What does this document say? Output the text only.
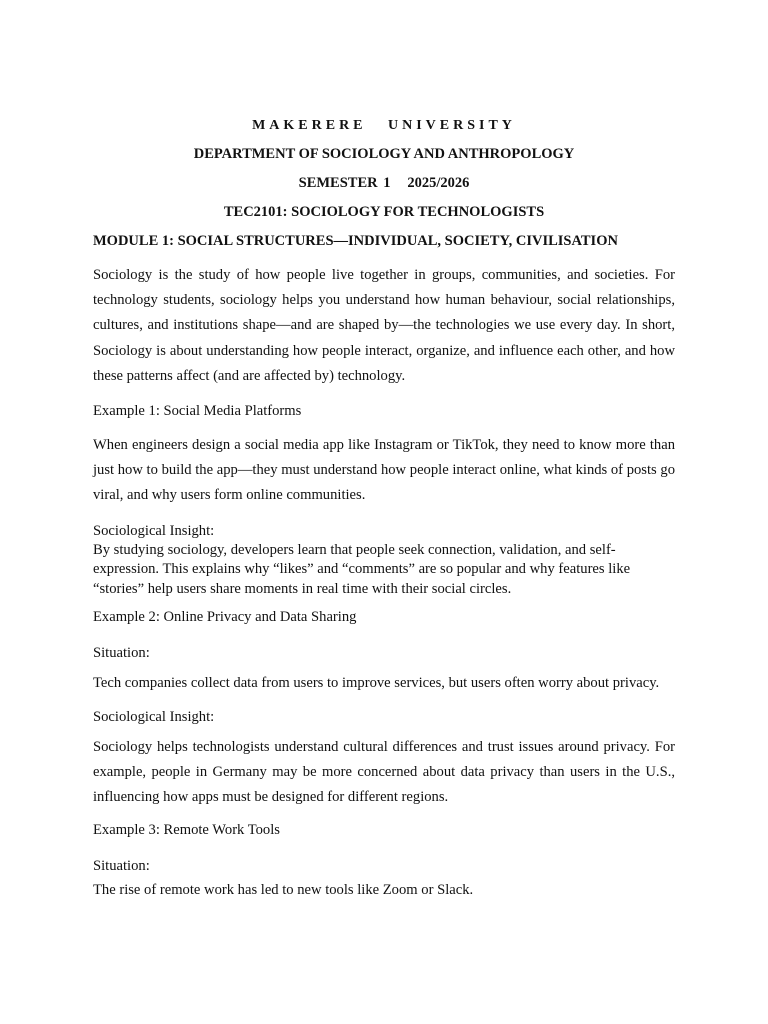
MAKERERE UNIVERSITY
DEPARTMENT OF SOCIOLOGY AND ANTHROPOLOGY
SEMESTER 1   2025/2026
TEC2101: SOCIOLOGY FOR TECHNOLOGISTS
MODULE 1: SOCIAL STRUCTURES—INDIVIDUAL, SOCIETY, CIVILISATION

Sociology is the study of how people live together in groups, communities, and societies. For technology students, sociology helps you understand how human behaviour, social relationships, cultures, and institutions shape—and are shaped by—the technologies we use every day. In short, Sociology is about understanding how people interact, organize, and influence each other, and how these patterns affect (and are affected by) technology.

Example 1: Social Media Platforms

When engineers design a social media app like Instagram or TikTok, they need to know more than just how to build the app—they must understand how people interact online, what kinds of posts go viral, and why users form online communities.

Sociological Insight:

By studying sociology, developers learn that people seek connection, validation, and self-expression. This explains why “likes” and “comments” are so popular and why features like “stories” help users share moments in real time with their social circles.

Example 2: Online Privacy and Data Sharing

Situation:

Tech companies collect data from users to improve services, but users often worry about privacy.

Sociological Insight:

Sociology helps technologists understand cultural differences and trust issues around privacy. For example, people in Germany may be more concerned about data privacy than users in the U.S., influencing how apps must be designed for different regions.

Example 3: Remote Work Tools

Situation:

The rise of remote work has led to new tools like Zoom or Slack.
